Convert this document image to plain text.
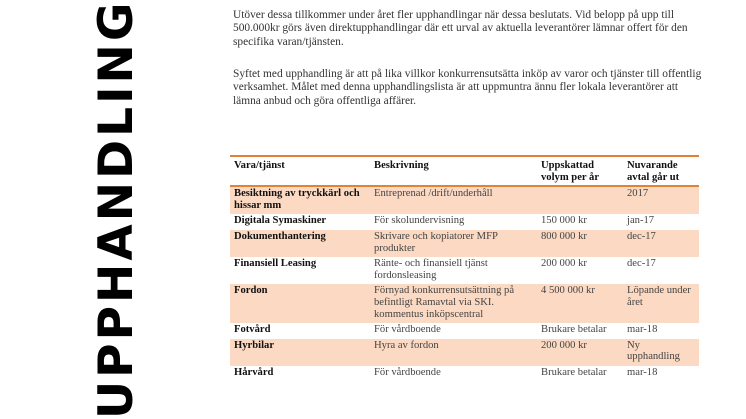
UPPHANDLING	Utöver dessa tillkommer under året fler upphandlingar när dessa beslutats. Vid belopp på upp till 500.000kr görs även direktupphandlingar där ett urval av aktuella leverantörer lämnar offert för den specifika varan/tjänsten.

Syftet med upphandling är att på lika villkor konkurrensutsätta inköp av varor och tjänster till offentlig verksamhet. Målet med denna upphandlingslista är att uppmuntra ännu fler lokala leverantörer att lämna anbud och göra offentliga affärer.

Vara/tjänst	Beskrivning	Uppskattad volym per år	Nuvarande avtal går ut
Besiktning av tryckkärl och hissar mm	Entreprenad /drift/underhåll		2017
Digitala Symaskiner	För skolundervisning	150 000 kr	jan-17
Dokumenthantering	Skrivare och kopiatorer MFP produkter	800 000 kr	dec-17
Finansiell Leasing	Ränte- och finansiell tjänst fordonsleasing	200 000 kr	dec-17
Fordon	Förnyad konkurrensutsättning på befintligt Ramavtal via SKI. kommentus inköpscentral	4 500 000 kr	Löpande under året
Fotvård	För vårdboende	Brukare betalar	mar-18
Hyrbilar	Hyra av fordon	200 000 kr	Ny upphandling
Hårvård	För vårdboende	Brukare betalar	mar-18
